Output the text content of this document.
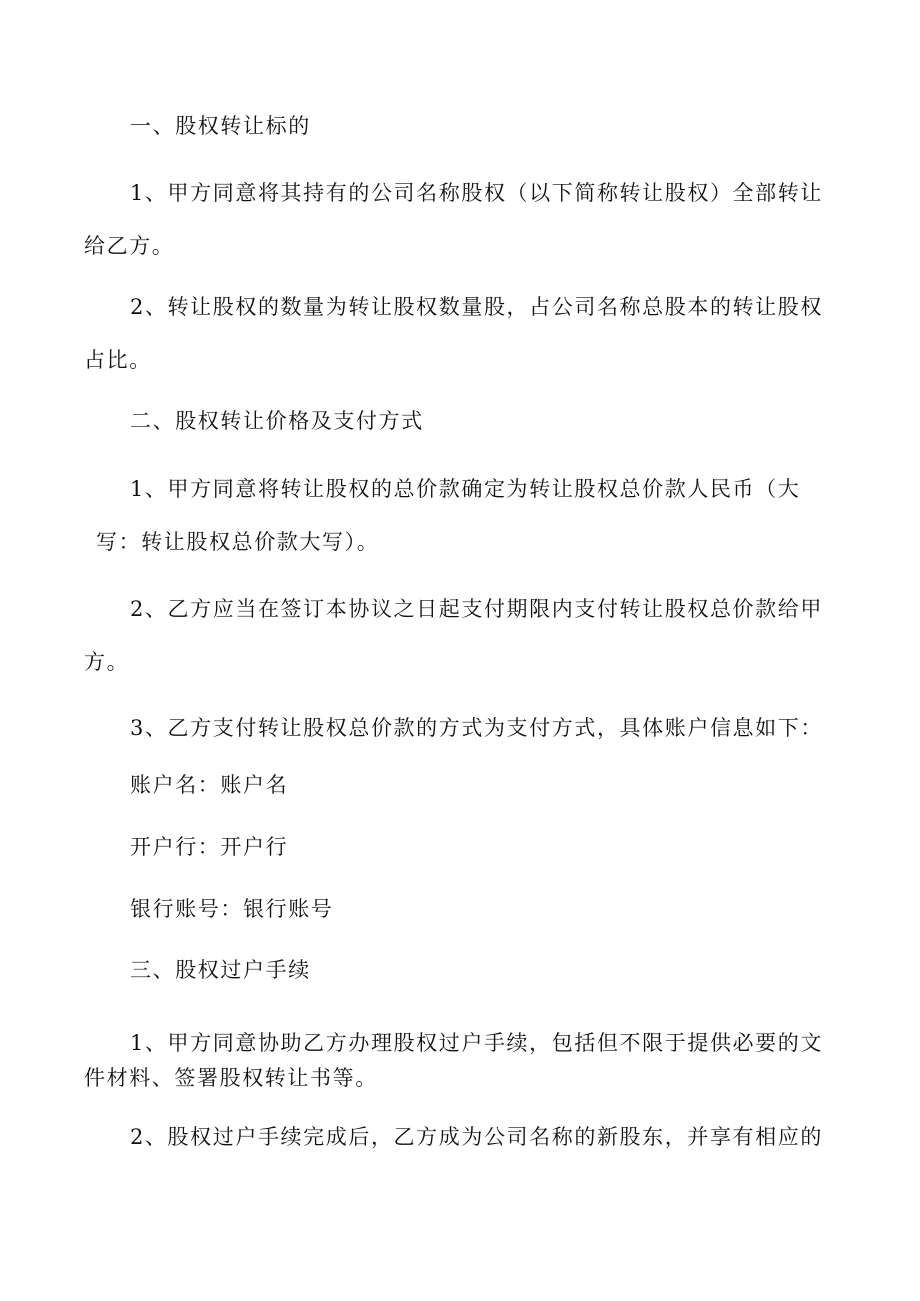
一、股权转让标的
1、甲方同意将其持有的公司名称股权（以下简称转让股权）全部转让
给乙方。
2、转让股权的数量为转让股权数量股，占公司名称总股本的转让股权
占比。
二、股权转让价格及支付方式
1、甲方同意将转让股权的总价款确定为转让股权总价款人民币（大
写：转让股权总价款大写）。
2、乙方应当在签订本协议之日起支付期限内支付转让股权总价款给甲
方。
3、乙方支付转让股权总价款的方式为支付方式，具体账户信息如下：
账户名：账户名
开户行：开户行
银行账号：银行账号
三、股权过户手续
1、甲方同意协助乙方办理股权过户手续，包括但不限于提供必要的文
件材料、签署股权转让书等。
2、股权过户手续完成后，乙方成为公司名称的新股东，并享有相应的
